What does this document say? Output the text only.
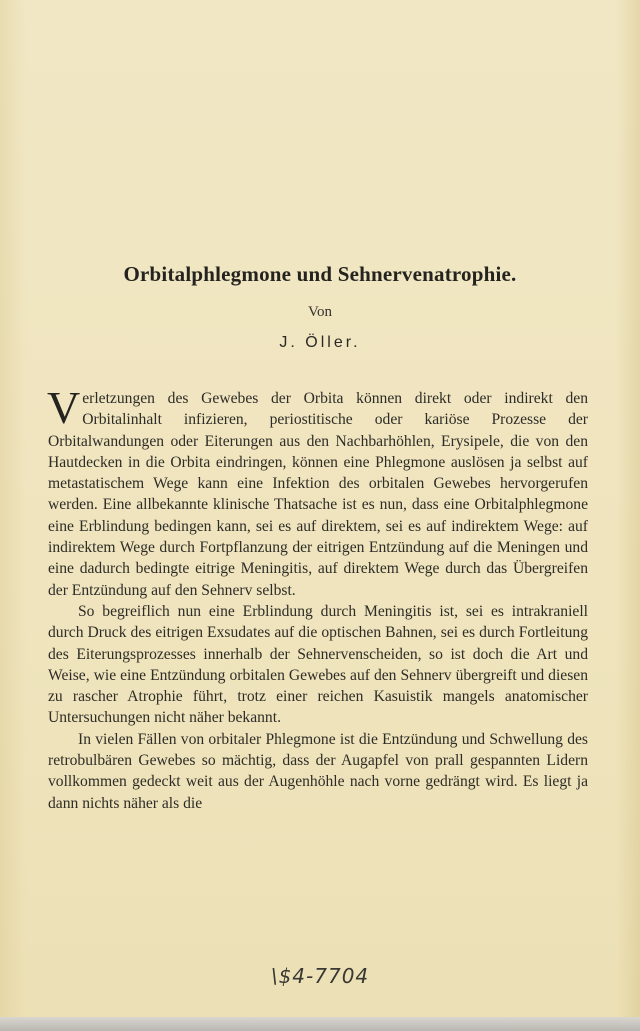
Orbitalphlegmone und Sehnervenatrophie.
Von
J. Öller.

Verletzungen des Gewebes der Orbita können direkt oder indirekt den Orbitalinhalt infizieren, periostitische oder kariöse Prozesse der Orbitalwandungen oder Eiterungen aus den Nachbarhöhlen, Erysipele, die von den Hautdecken in die Orbita eindringen, können eine Phlegmone auslösen ja selbst auf metastatischem Wege kann eine Infektion des orbitalen Gewebes hervorgerufen werden. Eine allbekannte klinische Thatsache ist es nun, dass eine Orbitalphlegmone eine Erblindung bedingen kann, sei es auf direktem, sei es auf indirektem Wege: auf indirektem Wege durch Fortpflanzung der eitrigen Entzündung auf die Meningen und eine dadurch bedingte eitrige Meningitis, auf direktem Wege durch das Übergreifen der Entzündung auf den Sehnerv selbst.

So begreiflich nun eine Erblindung durch Meningitis ist, sei es intrakraniell durch Druck des eitrigen Exsudates auf die optischen Bahnen, sei es durch Fortleitung des Eiterungsprozesses innerhalb der Sehnervenscheiden, so ist doch die Art und Weise, wie eine Entzündung orbitalen Gewebes auf den Sehnerv übergreift und diesen zu rascher Atrophie führt, trotz einer reichen Kasuistik mangels anatomischer Untersuchungen nicht näher bekannt.

In vielen Fällen von orbitaler Phlegmone ist die Entzündung und Schwellung des retrobulbären Gewebes so mächtig, dass der Augapfel von prall gespannten Lidern vollkommen gedeckt weit aus der Augenhöhle nach vorne gedrängt wird. Es liegt ja dann nichts näher als die

\$4-7704
